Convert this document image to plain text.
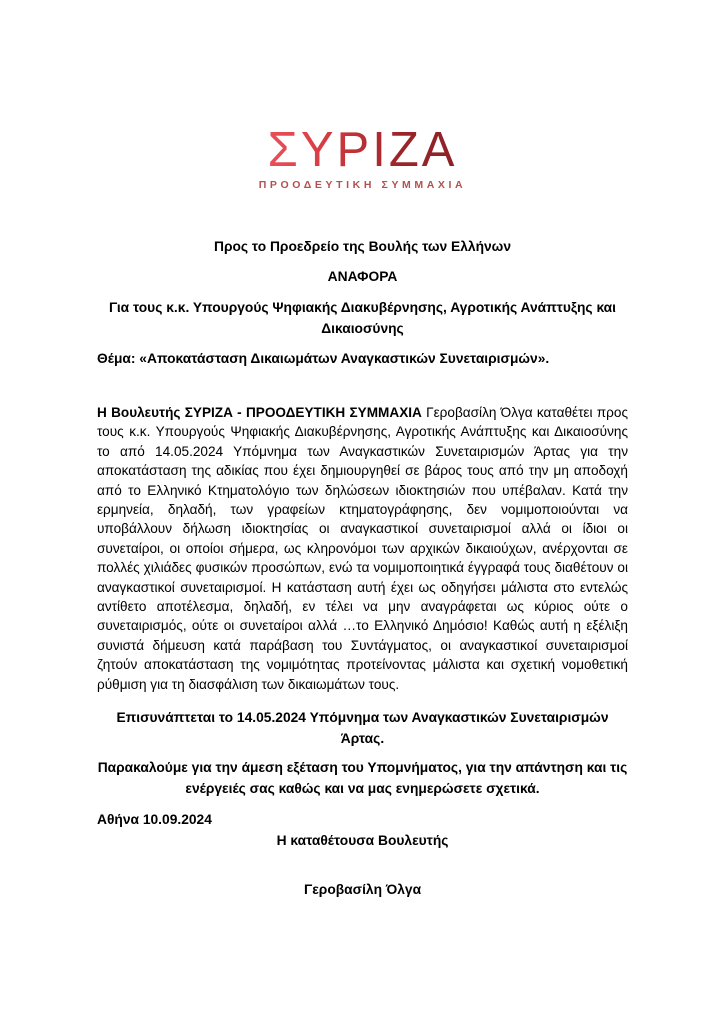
ΣΥΡΙΖΑ
ΠΡΟΟΔΕΥΤΙΚΗ ΣΥΜΜΑΧΙΑ

Προς το Προεδρείο της Βουλής των Ελλήνων

ΑΝΑΦΟΡΑ

Για τους κ.κ. Υπουργούς Ψηφιακής Διακυβέρνησης, Αγροτικής Ανάπτυξης και Δικαιοσύνης

Θέμα: «Αποκατάσταση Δικαιωμάτων Αναγκαστικών Συνεταιρισμών».

Η Βουλευτής ΣΥΡΙΖΑ - ΠΡΟΟΔΕΥΤΙΚΗ ΣΥΜΜΑΧΙΑ Γεροβασίλη Όλγα καταθέτει προς τους κ.κ. Υπουργούς Ψηφιακής Διακυβέρνησης, Αγροτικής Ανάπτυξης και Δικαιοσύνης το από 14.05.2024 Υπόμνημα των Αναγκαστικών Συνεταιρισμών Άρτας για την αποκατάσταση της αδικίας που έχει δημιουργηθεί σε βάρος τους από την μη αποδοχή από το Ελληνικό Κτηματολόγιο των δηλώσεων ιδιοκτησιών που υπέβαλαν. Κατά την ερμηνεία, δηλαδή, των γραφείων κτηματογράφησης, δεν νομιμοποιούνται να υποβάλλουν δήλωση ιδιοκτησίας οι αναγκαστικοί συνεταιρισμοί αλλά οι ίδιοι οι συνεταίροι, οι οποίοι σήμερα, ως κληρονόμοι των αρχικών δικαιούχων, ανέρχονται σε πολλές χιλιάδες φυσικών προσώπων, ενώ τα νομιμοποιητικά έγγραφά τους διαθέτουν οι αναγκαστικοί συνεταιρισμοί. Η κατάσταση αυτή έχει ως οδηγήσει μάλιστα στο εντελώς αντίθετο αποτέλεσμα, δηλαδή, εν τέλει να μην αναγράφεται ως κύριος ούτε ο συνεταιρισμός, ούτε οι συνεταίροι αλλά …το Ελληνικό Δημόσιο! Καθώς αυτή η εξέλιξη συνιστά δήμευση κατά παράβαση του Συντάγματος, οι αναγκαστικοί συνεταιρισμοί ζητούν αποκατάσταση της νομιμότητας προτείνοντας μάλιστα και σχετική νομοθετική ρύθμιση για τη διασφάλιση των δικαιωμάτων τους.

Επισυνάπτεται το 14.05.2024 Υπόμνημα των Αναγκαστικών Συνεταιρισμών Άρτας.

Παρακαλούμε για την άμεση εξέταση του Υπομνήματος, για την απάντηση και τις ενέργειές σας καθώς και να μας ενημερώσετε σχετικά.

Αθήνα 10.09.2024

Η καταθέτουσα Βουλευτής

Γεροβασίλη Όλγα
